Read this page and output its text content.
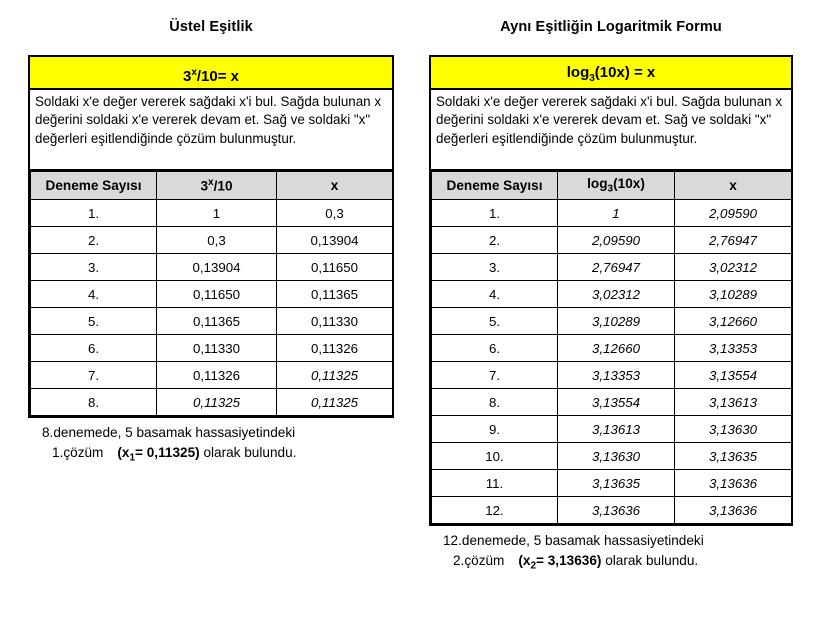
Üstel Eşitlik
$3^x/10= x$
Soldaki x'e değer vererek sağdaki x'i bul. Sağda bulunan x değerini soldaki x'e vererek devam et. Sağ ve soldaki "x" değerleri eşitlendiğinde çözüm bulunmuştur.
Deneme Sayısı	3$^x$/10	x
1.	1	0,3
2.	0,3	0,13904
3.	0,13904	0,11650
4.	0,11650	0,11365
5.	0,11365	0,11330
6.	0,11330	0,11326
7.	0,11326	0,11325
8.	0,11325	0,11325
8.denemede, 5 basamak hassasiyetindeki
1.çözüm $(x_1= 0,11325)$ olarak bulundu.
Aynı Eşitliğin Logaritmik Formu
$\log_3(10x) = x$
Soldaki x'e değer vererek sağdaki x'i bul. Sağda bulunan x değerini soldaki x'e vererek devam et. Sağ ve soldaki "x" değerleri eşitlendiğinde çözüm bulunmuştur.
Deneme Sayısı	$\log_3(10x)$	x
1.	1	2,09590
2.	2,09590	2,76947
3.	2,76947	3,02312
4.	3,02312	3,10289
5.	3,10289	3,12660
6.	3,12660	3,13353
7.	3,13353	3,13554
8.	3,13554	3,13613
9.	3,13613	3,13630
10.	3,13630	3,13635
11.	3,13635	3,13636
12.	3,13636	3,13636
12.denemede, 5 basamak hassasiyetindeki
2.çözüm $(x_2= 3,13636)$ olarak bulundu.
